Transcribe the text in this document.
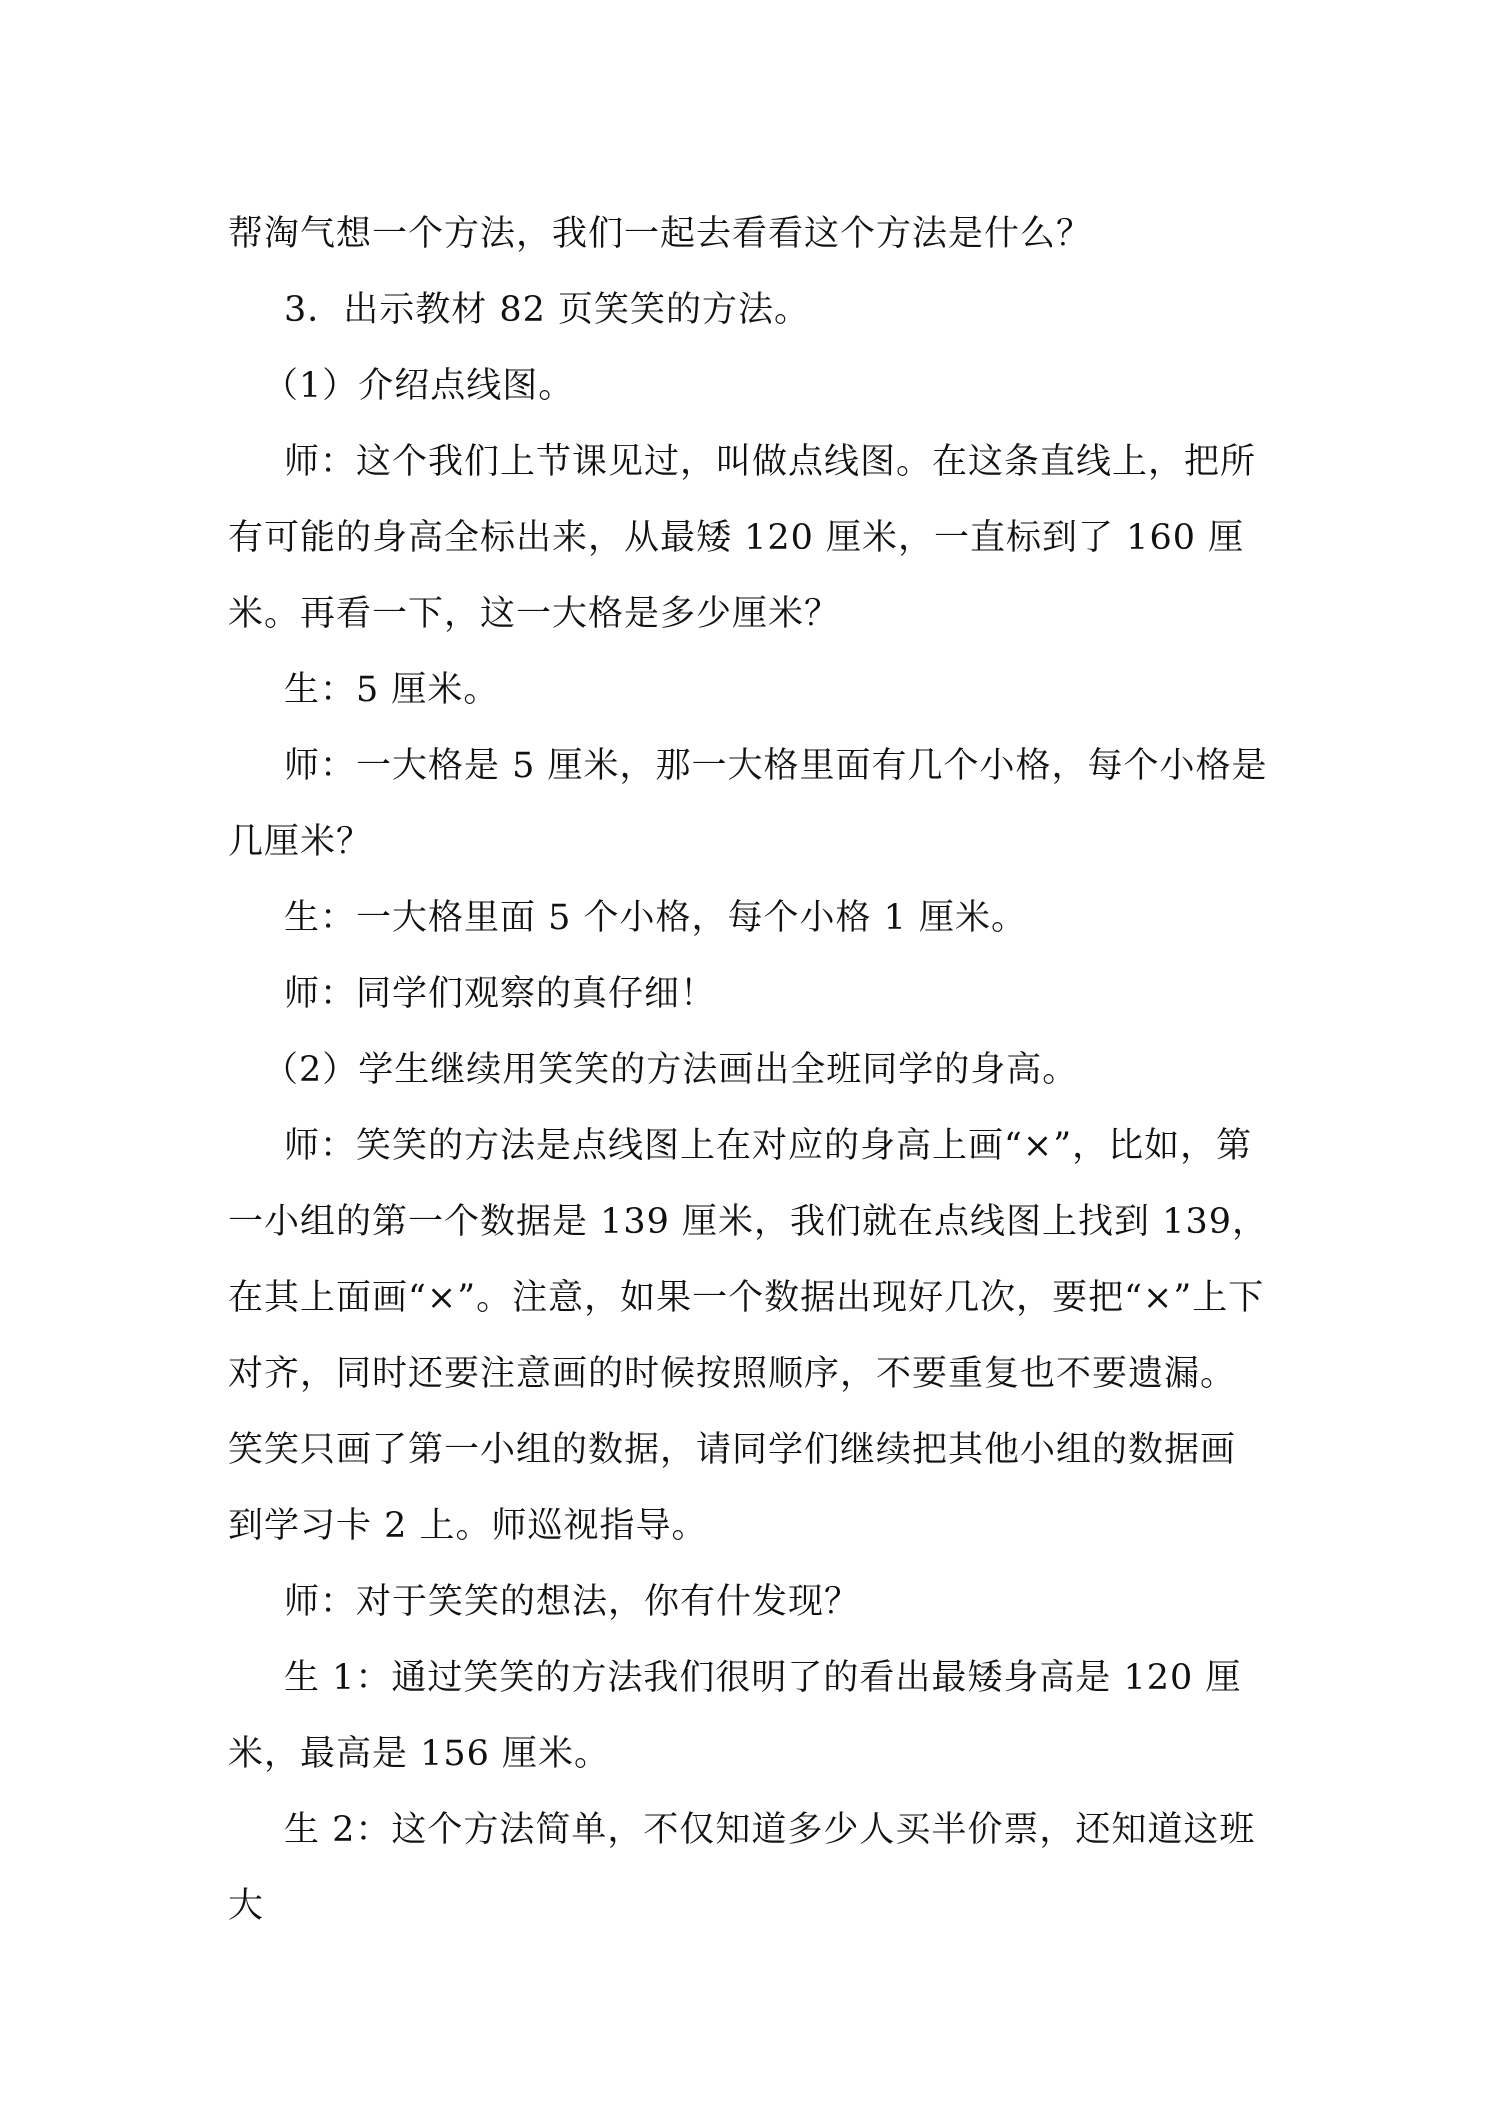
帮淘气想一个方法，我们一起去看看这个方法是什么？

3．出示教材 82 页笑笑的方法。

（1）介绍点线图。

师：这个我们上节课见过，叫做点线图。在这条直线上，把所有可能的身高全标出来，从最矮 120 厘米，一直标到了 160 厘米。再看一下，这一大格是多少厘米？

生：5 厘米。

师：一大格是 5 厘米，那一大格里面有几个小格，每个小格是几厘米？

生：一大格里面 5 个小格，每个小格 1 厘米。

师：同学们观察的真仔细！

（2）学生继续用笑笑的方法画出全班同学的身高。

师：笑笑的方法是点线图上在对应的身高上画“×”，比如，第一小组的第一个数据是 139 厘米，我们就在点线图上找到 139，在其上面画“×”。注意，如果一个数据出现好几次，要把“×”上下对齐，同时还要注意画的时候按照顺序，不要重复也不要遗漏。笑笑只画了第一小组的数据，请同学们继续把其他小组的数据画到学习卡 2 上。师巡视指导。

师：对于笑笑的想法，你有什发现？

生 1：通过笑笑的方法我们很明了的看出最矮身高是 120 厘米，最高是 156 厘米。

生 2：这个方法简单，不仅知道多少人买半价票，还知道这班大
